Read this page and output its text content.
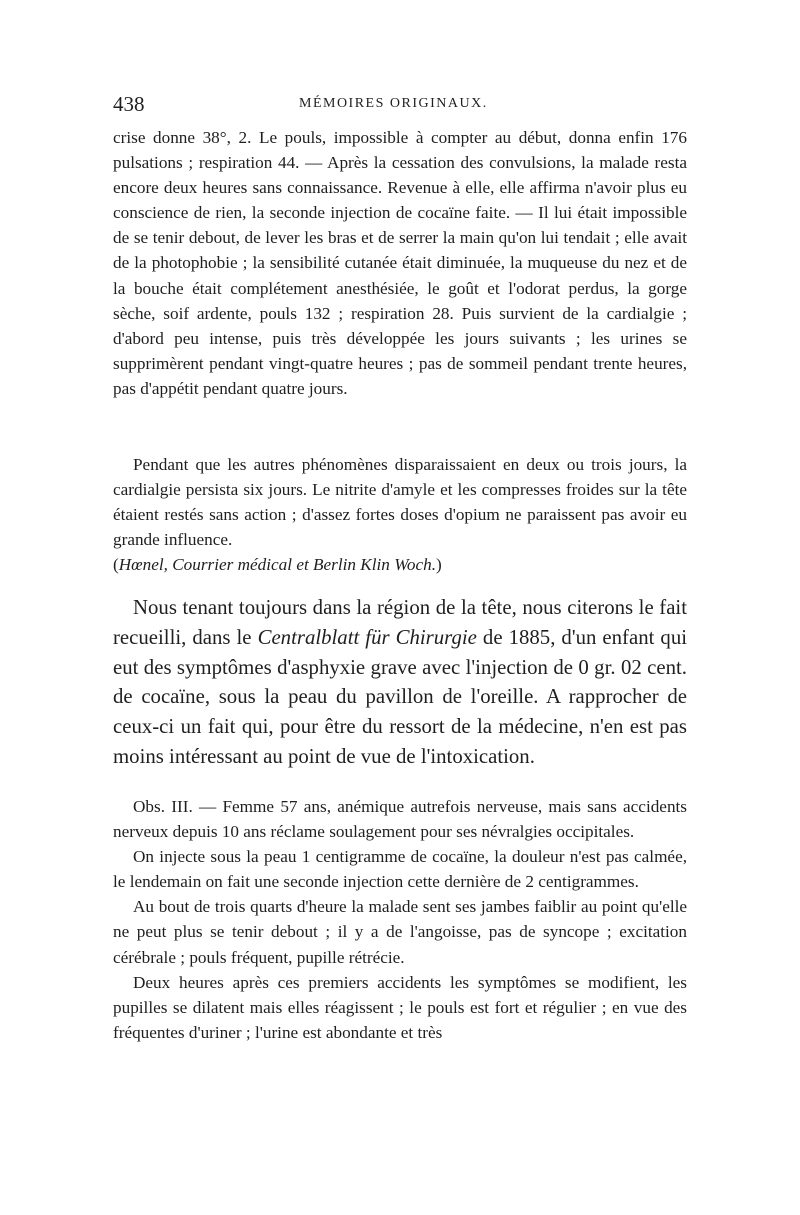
438	MÉMOIRES ORIGINAUX.

crise donne 38°, 2. Le pouls, impossible à compter au début, donna enfin 176 pulsations ; respiration 44. — Après la cessation des convulsions, la malade resta encore deux heures sans connaissance. Revenue à elle, elle affirma n'avoir plus eu conscience de rien, la seconde injection de cocaïne faite. — Il lui était impossible de se tenir debout, de lever les bras et de serrer la main qu'on lui tendait ; elle avait de la photophobie ; la sensibilité cutanée était diminuée, la muqueuse du nez et de la bouche était complétement anesthésiée, le goût et l'odorat perdus, la gorge sèche, soif ardente, pouls 132 ; respiration 28. Puis survient de la cardialgie ; d'abord peu intense, puis très développée les jours suivants ; les urines se supprimèrent pendant vingt-quatre heures ; pas de sommeil pendant trente heures, pas d'appétit pendant quatre jours.

Pendant que les autres phénomènes disparaissaient en deux ou trois jours, la cardialgie persista six jours. Le nitrite d'amyle et les compresses froides sur la tête étaient restés sans action ; d'assez fortes doses d'opium ne paraissent pas avoir eu grande influence.
(Hœnel, Courrier médical et Berlin Klin Woch.)

Nous tenant toujours dans la région de la tête, nous citerons le fait recueilli, dans le Centralblatt für Chirurgie de 1885, d'un enfant qui eut des symptômes d'asphyxie grave avec l'injection de 0 gr. 02 cent. de cocaïne, sous la peau du pavillon de l'oreille. A rapprocher de ceux-ci un fait qui, pour être du ressort de la médecine, n'en est pas moins intéressant au point de vue de l'intoxication.

Obs. III. — Femme 57 ans, anémique autrefois nerveuse, mais sans accidents nerveux depuis 10 ans réclame soulagement pour ses névralgies occipitales.

On injecte sous la peau 1 centigramme de cocaïne, la douleur n'est pas calmée, le lendemain on fait une seconde injection cette dernière de 2 centigrammes.

Au bout de trois quarts d'heure la malade sent ses jambes faiblir au point qu'elle ne peut plus se tenir debout ; il y a de l'angoisse, pas de syncope ; excitation cérébrale ; pouls fréquent, pupille rétrécie.

Deux heures après ces premiers accidents les symptômes se modifient, les pupilles se dilatent mais elles réagissent ; le pouls est fort et régulier ; en vue des fréquentes d'uriner ; l'urine est abondante et très
